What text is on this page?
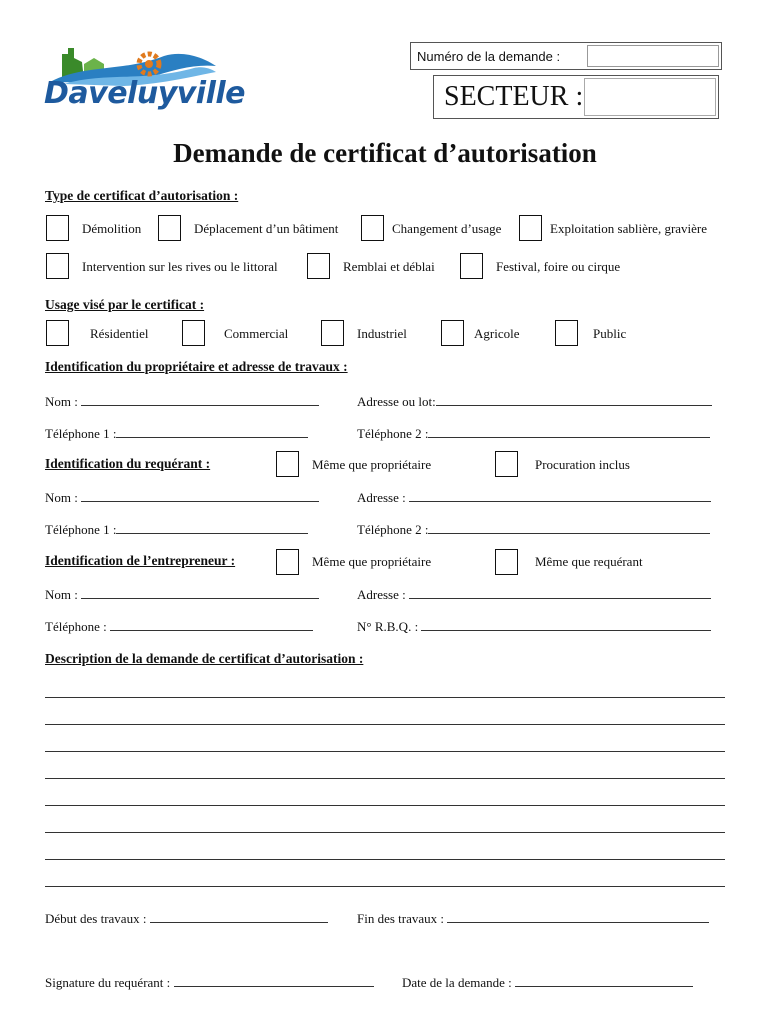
Daveluyville
Numéro de la demande :
SECTEUR :
Demande de certificat d’autorisation
Type de certificat d’autorisation :
Démolition	Déplacement d’un bâtiment	Changement d’usage	Exploitation sablière, gravière
Intervention sur les rives ou le littoral	Remblai et déblai	Festival, foire ou cirque
Usage visé par le certificat :
Résidentiel	Commercial	Industriel	Agricole	Public
Identification du propriétaire et adresse de travaux :
Nom :	Adresse ou lot:
Téléphone 1 :	Téléphone 2 :
Identification du requérant :	Même que propriétaire	Procuration inclus
Nom :	Adresse :
Téléphone 1 :	Téléphone 2 :
Identification de l’entrepreneur :	Même que propriétaire	Même que requérant
Nom :	Adresse :
Téléphone :	N° R.B.Q. :
Description de la demande de certificat d’autorisation :
Début des travaux :	Fin des travaux :
Signature du requérant :	Date de la demande :
